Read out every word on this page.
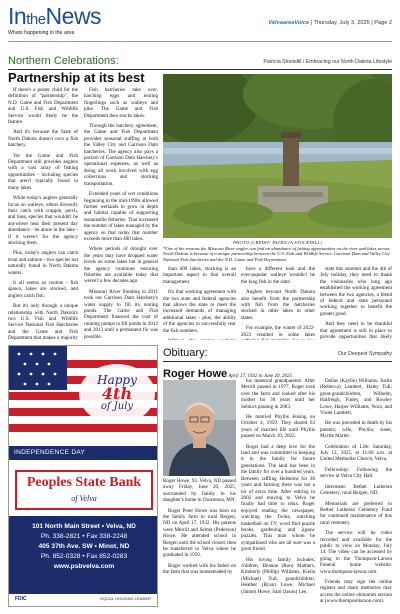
IntheNews
Whats happening in the area
VelvaareaVoice | Thursday, July 3, 2025 | Page 2
Northern Celebrations:	Patricia Stockdill / Embracing our North Dakota Lifestyle
Partnership at its best

If there's a poster child for the definition of "partnership", the N.D. Game and Fish Department and U.S. Fish and Wildlife Service would likely be the feature.

And it's because the State of North Dakota doesn't own a fish hatchery.

Yet the Game and Fish Department still provides anglers with a vast array of fishing opportunities - including species that aren't typically found in many lakes.

While today's anglers generally focus on walleye, others diversify their catch with crappie, perch, and bass, species that wouldn't be anywhere near their present day abundance - let alone in the lake - if it weren't for the agency stocking them.

Plus, today's anglers can catch trout and salmon - two species not naturally found in North Dakota waters.

It all seems so routine - fish spawn, lakes are stocked, and anglers catch fish.

But it's only through a unique relationship with North Dakota's two U.S. Fish and Wildlife Service National Fish Hatcheries and the Game and Fish Department that makes a majority

Fish hatcheries take over, hatching eggs and rearing fingerlings such as walleye and pike. The Game and Fish Department then stocks lakes.

Through the hatchery agreement, the Game and Fish Department provides seasonal staffing at both the Valley City and Garrison Dam hatcheries. The agency also pays a portion of Garrison Dam Hatchery's operational expenses, as well as doing all work involved with egg collections and stocking transportation.

Extended years of wet conditions beginning in the mid-1990s allowed former wetlands to grow in depth and habitat capable of supporting sustainable fisheries. That increased the number of lakes managed by the agency so that today that number exceeds more than 400 lakes.

Where periods of drought over the years may have dropped water levels on some lakes but in general the agency continues ensuring fisheries are available today that weren't a few decades ago.

Missouri River flooding in 2011 took out Garrison Dam Hatchery's water supply to fill its rearing ponds. The Game and Fish Department financed the cost of running pumps to fill ponds in 2012 and 2013 until a permanent fix was possible.

PHOTO (CREDIT: PATRICIA STOCKDILL)
*One of the reasons the Missouri River angler can find an abundance of fishing opportunities on the river and lakes across North Dakota is because of a unique partnership between the U.S. Fish and Wildlife Service Garrison Dam and Valley City National Fish hatcheries and the N.D. Game and Fish Department.

than 400 lakes, stocking is an important aspect to that overall management.

It's that working agreement with the two state and federal agencies that allows the state to meet the increased demands of managing additional lakes - plus, the ability of the agencies to successfully rear the fish numbers.

have a different look and the ever-popular walleye wouldn't be the king fish in the state.

Anglers beyond North Dakota also benefit from the partnership with fish from the hatcheries stocked in other lakes in other states.

For example, the winter of 2022-2023 resulted in some lakes

state this summer and the 4th of July holiday, they need to thank the visionaries who long ago established the working agreement between the two agencies, a blend of federal and state personnel working together to benefit the greater good.

And they need to be thankful that agreement is still in place to provide opportunities that likely

Happy
4th
of July
INDEPENDENCE DAY
Peoples State Bank
of Velva
101 North Main Street • Velva, ND
Ph. 338-2821 • Fax 338-2248
405 37th Ave. SW • Minot, ND
Ph. 852-0328 • Fax 852-0283
www.psbvelva.com
FDIC	EQUAL HOUSING LENDER
Obituary:	Our Deepest Sympathy
Roger Howe April 17, 1932 to June 20, 2025

Roger Howe, 93, Velva, ND passed away Friday, June 20, 2025, surrounded by family in his daughter's home in Owatonna, MN.

Roger Peter Howe was born on the family farm in rural Bergen, ND on April 17, 1932. His parents were Merrill and Selma (Pederson) Howe. He attended school in Bergen until the school closed, then he transferred to Velva where he graduated in 1950.

Roger worked with his father on the farm that was homesteaded by

his maternal grandparents. After Merrill passed in 1977, Roger took over the farm and looked after his mother for 30 years until her Selma's passing in 2003.

He married Phyllis Jelsing on October 4, 1959. They shared 63 years of married life until Phyllis passed on March 10, 2022.

Roger had a deep love for the land and was committed to keeping it in the family for future generations. The land has been in the family for over a hundred years. Between raffling Holsteins for 30 years and farming there was not a lot of extra time. After retiring in 2002 and moving to Velva he finally had time to relax. Roger enjoyed reading the newspaper, watching the Twins, watching basketball on TV, word find puzzle books, gardening and jigsaw puzzles. This man whom he sympathized who are all sure was a great friend.

His loving family includes; children, Deanne (Ron) Mathers, Kimberly (Phillip) Williams, Kiella (Michael) Tull; grandchildren, Heather (Ryan) Lowe, Michael (Jaime) Howe, Sam (Jason) Lee,

Dallas (Kaylie) Williams, Justin (Rebecca) Lambert, Haley Tull; great-grandchildren, Wilhelm, Halfreigh, Finley, and Rowley Lowe, Harper Williams, Nora, and Violet Lambert.

He was preceded in death by his parents; wife, Phyllis; sister, Myrtle Marler.

Celebration of Life: Saturday, July 12, 2025, at 11:00 a.m. at United Methodist Church, Velva.

Fellowship: Following the service at Velva City Hall.

Interment: Bethel Lutheran Cemetery, rural Bergen, ND.

Memorials are preferred to Bethel Lutheran Cemetery Fund for continued maintenance of this rural cemetery.

The service will be video recorded and available for the public to view on Monday, July 14. The video can be accessed by going to the Thompson-Larson Funeral home website: www.thompson-larson.com.

Friends may sign the online register and share memories may access the online obituaries section at (www.thompsonlarson.com).
